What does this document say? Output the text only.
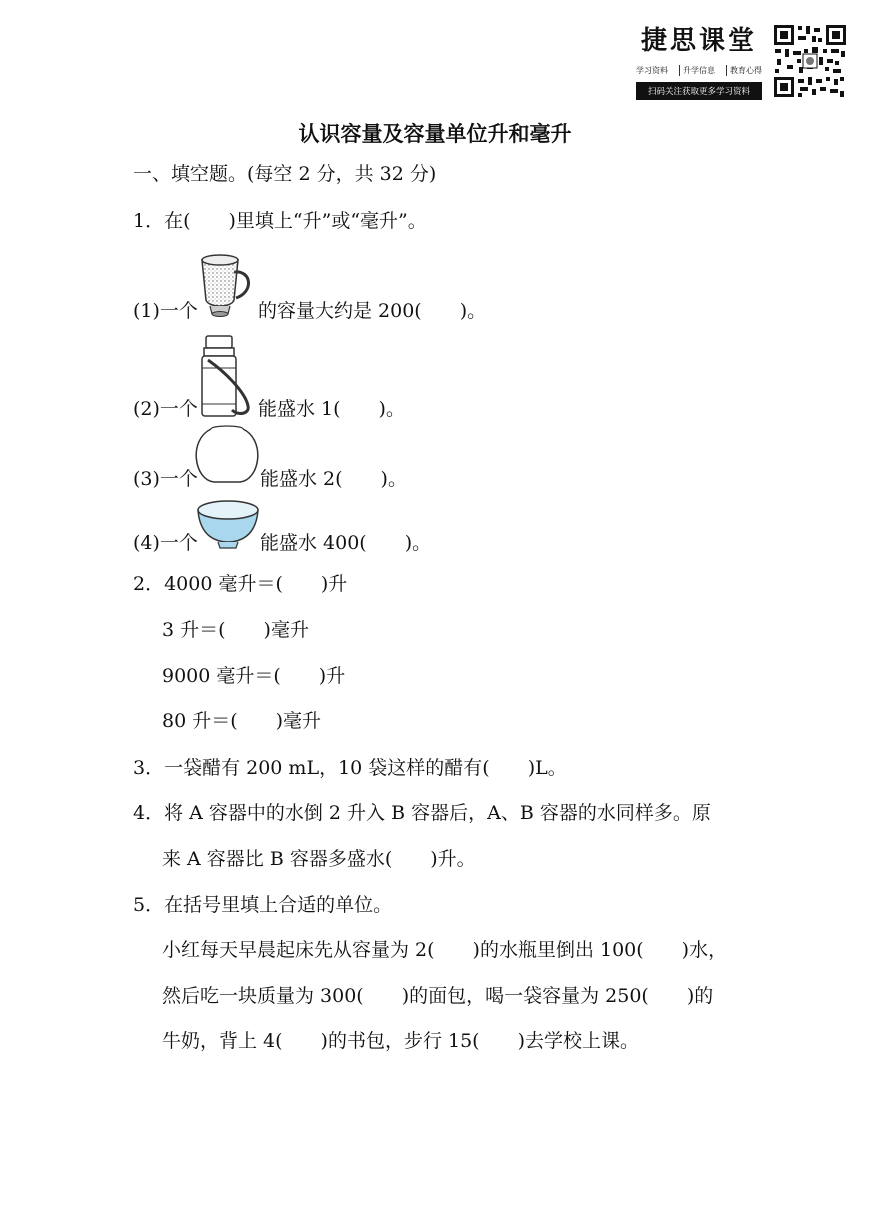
捷思课堂
学习资料	升学信息	教育心得
扫码关注获取更多学习资料
认识容量及容量单位升和毫升
一、填空题。(每空 2 分，共 32 分)
1．在(　　)里填上“升”或“毫升”。
(1)一个	的容量大约是 200(　　)。
(2)一个	能盛水 1(　　)。
(3)一个	能盛水 2(　　)。
(4)一个	能盛水 400(　　)。
2．4000 毫升＝(　　)升
3 升＝(　　)毫升
9000 毫升＝(　　)升
80 升＝(　　)毫升
3．一袋醋有 200 mL，10 袋这样的醋有(　　)L。
4．将 A 容器中的水倒 2 升入 B 容器后，A、B 容器的水同样多。原
来 A 容器比 B 容器多盛水(　　)升。
5．在括号里填上合适的单位。
小红每天早晨起床先从容量为 2(　　)的水瓶里倒出 100(　　)水，
然后吃一块质量为 300(　　)的面包，喝一袋容量为 250(　　)的
牛奶，背上 4(　　)的书包，步行 15(　　)去学校上课。
